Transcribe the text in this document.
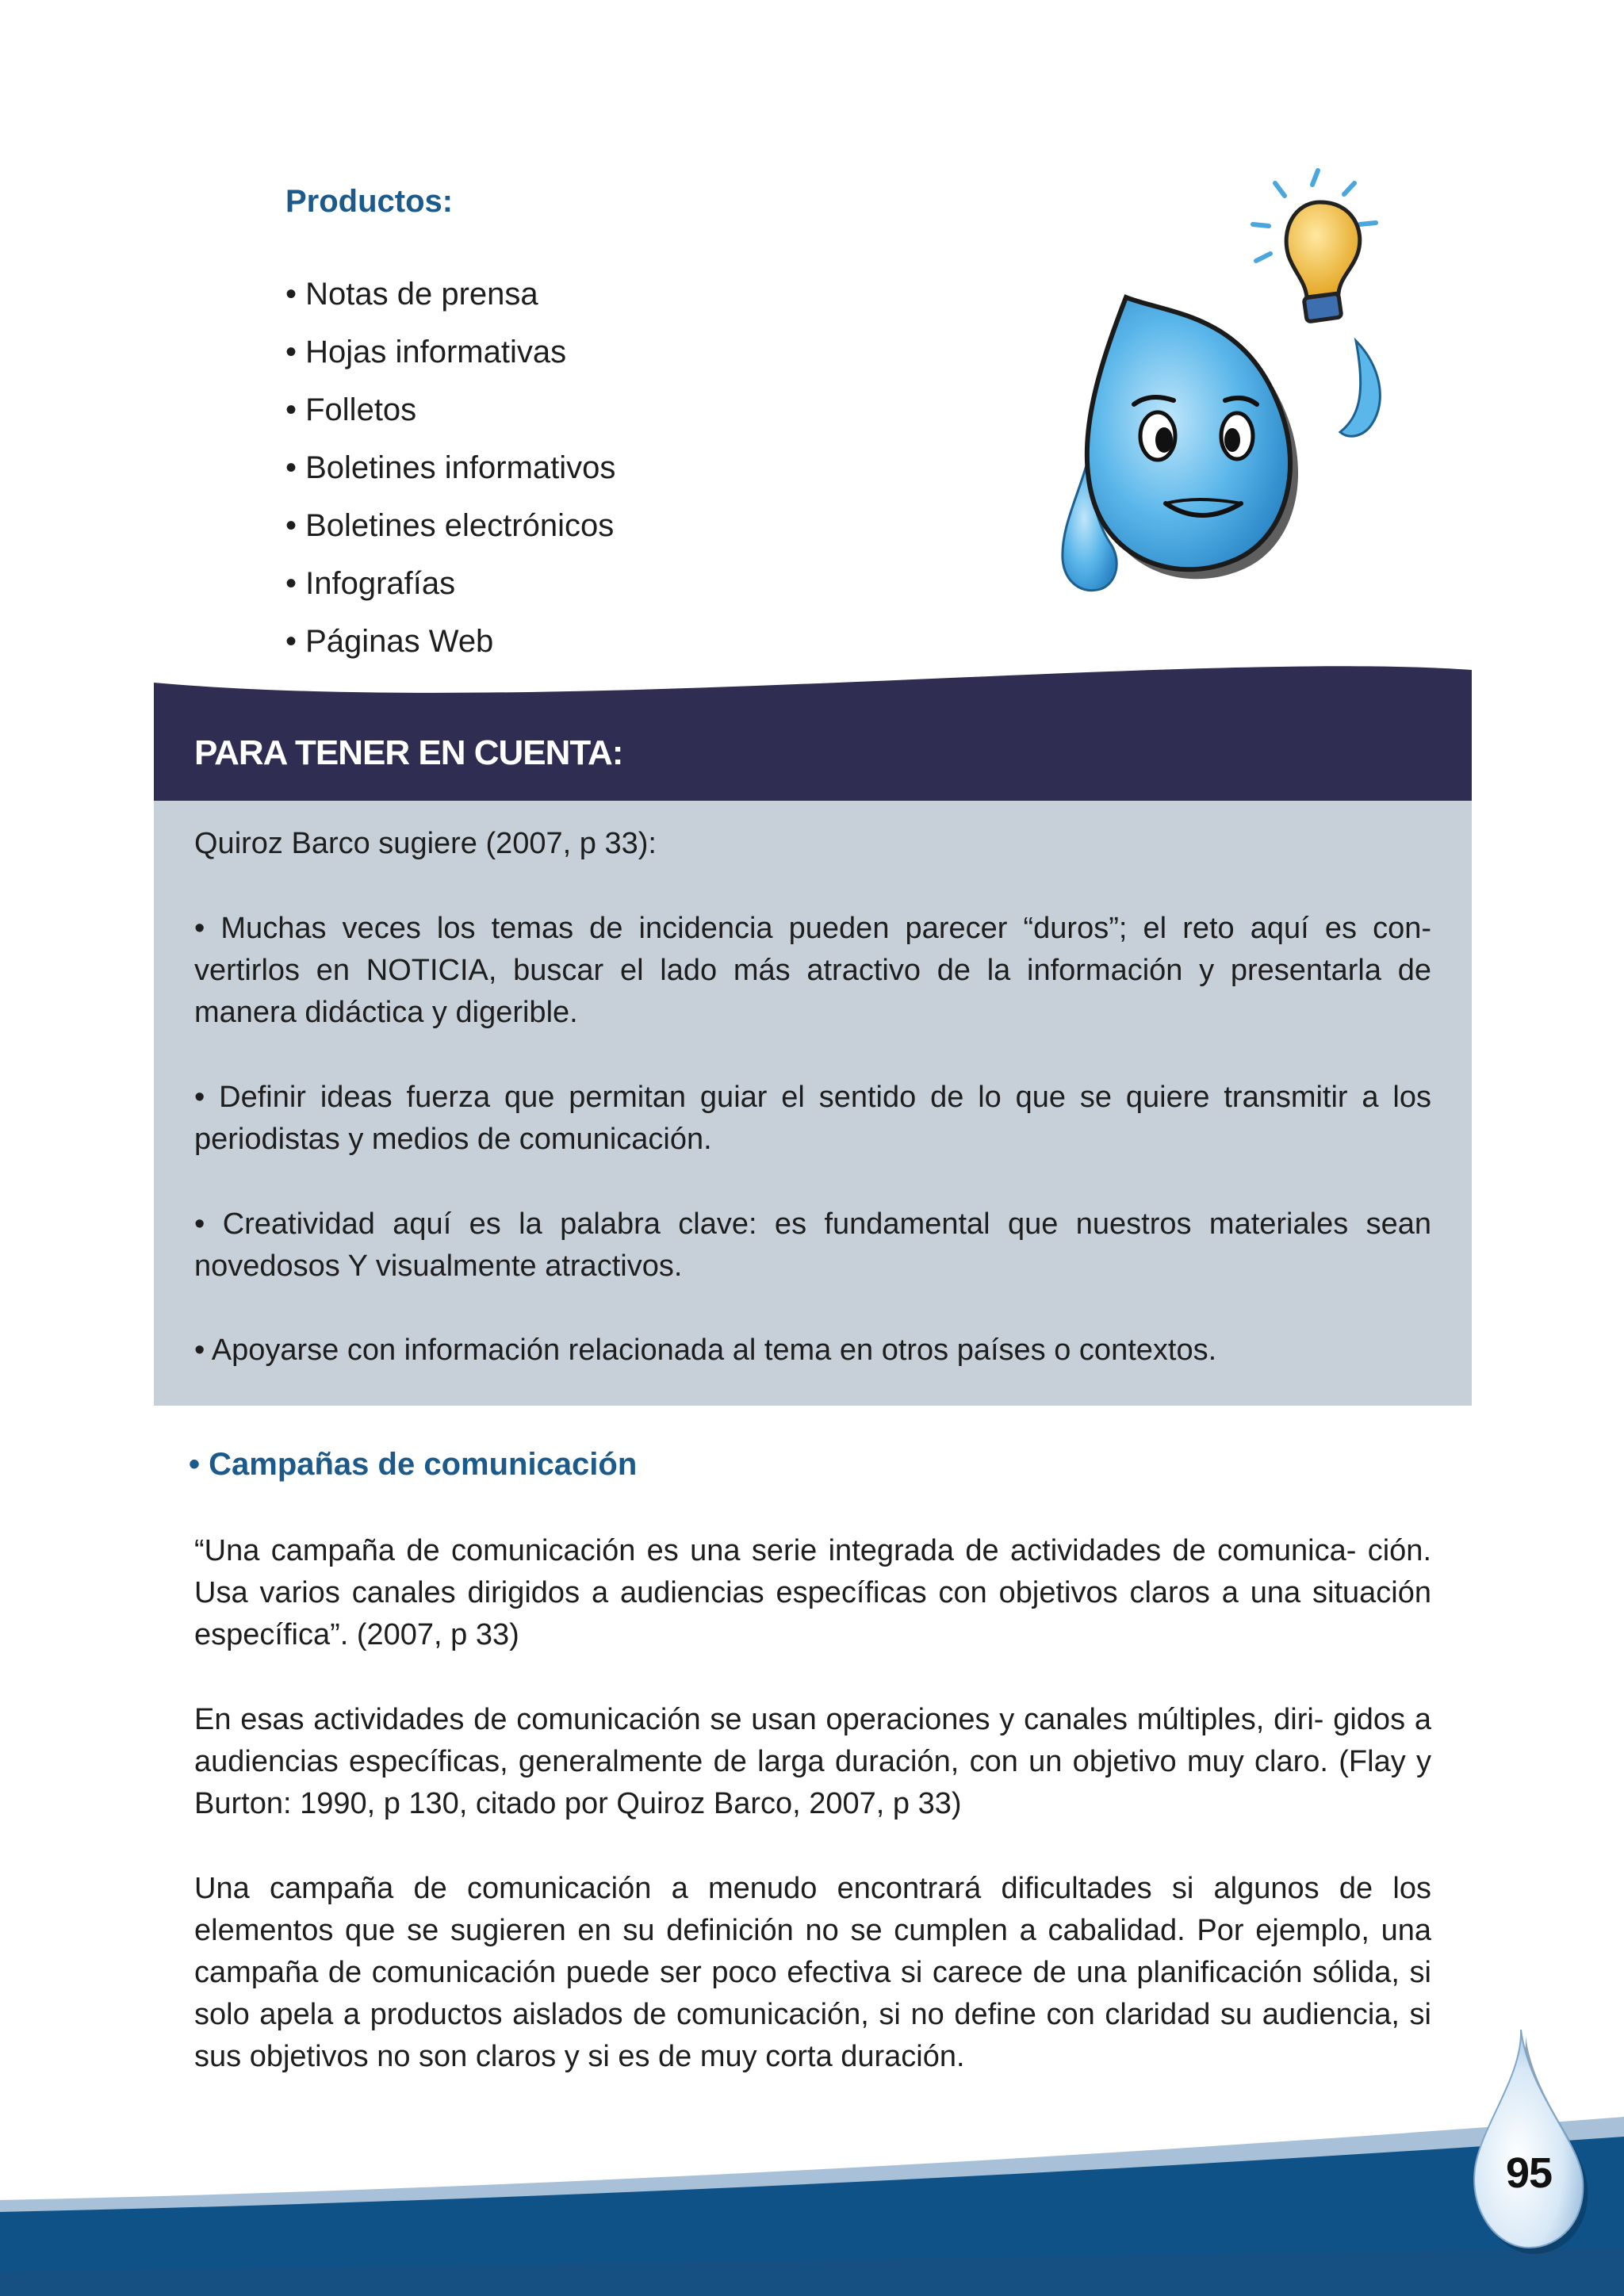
Productos:
• Notas de prensa
• Hojas informativas
• Folletos
• Boletines informativos
• Boletines electrónicos
• Infografías
• Páginas Web
PARA TENER EN CUENTA:
Quiroz Barco sugiere (2007, p 33):
• Muchas veces los temas de incidencia pueden parecer “duros”; el reto aquí es con- vertirlos en NOTICIA, buscar el lado más atractivo de la información y presentarla de manera didáctica y digerible.
• Definir ideas fuerza que permitan guiar el sentido de lo que se quiere transmitir a los periodistas y medios de comunicación.
• Creatividad aquí es la palabra clave: es fundamental que nuestros materiales sean novedosos Y visualmente atractivos.
• Apoyarse con información relacionada al tema en otros países o contextos.
• Campañas de comunicación
“Una campaña de comunicación es una serie integrada de actividades de comunica- ción. Usa varios canales dirigidos a audiencias específicas con objetivos claros a una situación específica”. (2007, p 33)
En esas actividades de comunicación se usan operaciones y canales múltiples, diri- gidos a audiencias específicas, generalmente de larga duración, con un objetivo muy claro. (Flay y Burton: 1990, p 130, citado por Quiroz Barco, 2007, p 33)
Una campaña de comunicación a menudo encontrará dificultades si algunos de los elementos que se sugieren en su definición no se cumplen a cabalidad. Por ejemplo, una campaña de comunicación puede ser poco efectiva si carece de una planificación sólida, si solo apela a productos aislados de comunicación, si no define con claridad su audiencia, si sus objetivos no son claros y si es de muy corta duración.
95
